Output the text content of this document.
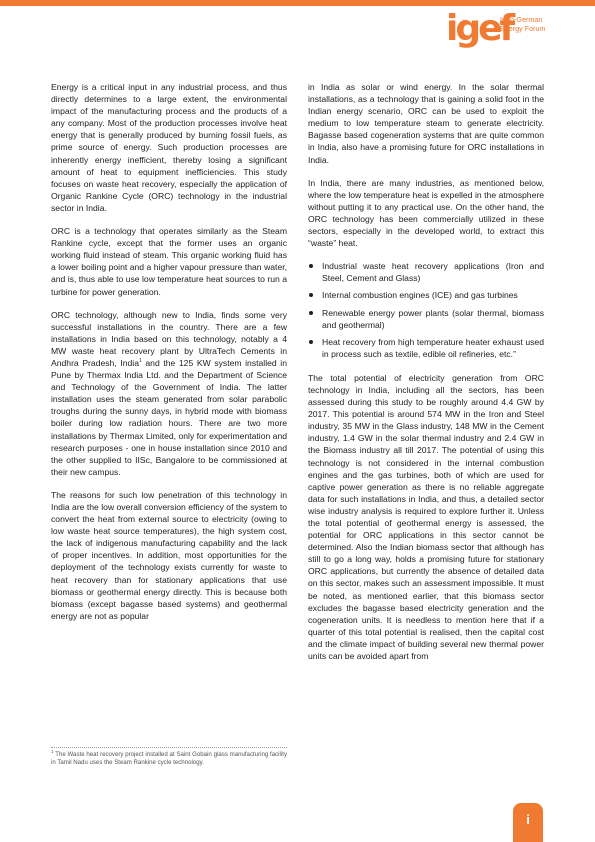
igef
Indo-German
Energy Forum

Energy is a critical input in any industrial process, and thus directly determines to a large extent, the environmental impact of the manufacturing process and the products of a any company. Most of the production processes involve heat energy that is generally produced by burning fossil fuels, as prime source of energy. Such production processes are inherently energy inefficient, thereby losing a significant amount of heat to equipment inefficiencies. This study focuses on waste heat recovery, especially the application of Organic Rankine Cycle (ORC) technology in the industrial sector in India.

ORC is a technology that operates similarly as the Steam Rankine cycle, except that the former uses an organic working fluid instead of steam. This organic working fluid has a lower boiling point and a higher vapour pressure than water, and is, thus able to use low temperature heat sources to run a turbine for power generation.

ORC technology, although new to India, finds some very successful installations in the country. There are a few installations in India based on this technology, notably a 4 MW waste heat recovery plant by UltraTech Cements in Andhra Pradesh, India$^1$ and the 125 KW system installed in Pune by Thermax India Ltd. and the Department of Science and Technology of the Government of India. The latter installation uses the steam generated from solar parabolic troughs during the sunny days, in hybrid mode with biomass boiler during low radiation hours. There are two more installations by Thermax Limited, only for experimentation and research purposes - one in house installation since 2010 and the other supplied to IISc, Bangalore to be commissioned at their new campus.

The reasons for such low penetration of this technology in India are the low overall conversion efficiency of the system to convert the heat from external source to electricity (owing to low waste heat source temperatures), the high system cost, the lack of indigenous manufacturing capability and the lack of proper incentives. In addition, most opportunities for the deployment of the technology exists currently for waste to heat recovery than for stationary applications that use biomass or geothermal energy directly. This is because both biomass (except bagasse based systems) and geothermal energy are not as popular

$^1$ The Waste heat recovery project installed at Saint Gobain glass manufacturing facility in Tamil Nadu uses the Steam Rankine cycle technology.

in India as solar or wind energy. In the solar thermal installations, as a technology that is gaining a solid foot in the Indian energy scenario, ORC can be used to exploit the medium to low temperature steam to generate electricity. Bagasse based cogeneration systems that are quite common in India, also have a promising future for ORC installations in India.

In India, there are many industries, as mentioned below, where the low temperature heat is expelled in the atmosphere without putting it to any practical use. On the other hand, the ORC technology has been commercially utilized in these sectors, especially in the developed world, to extract this “waste” heat.

Industrial waste heat recovery applications (Iron and Steel, Cement and Glass)
Internal combustion engines (ICE) and gas turbines
Renewable energy power plants (solar thermal, biomass and geothermal)
Heat recovery from high temperature heater exhaust used in process such as textile, edible oil refineries, etc.”

The total potential of electricity generation from ORC technology in India, including all the sectors, has been assessed during this study to be roughly around 4.4 GW by 2017. This potential is around 574 MW in the Iron and Steel industry, 35 MW in the Glass industry, 148 MW in the Cement industry, 1.4 GW in the solar thermal industry and 2.4 GW in the Biomass industry all till 2017. The potential of using this technology is not considered in the internal combustion engines and the gas turbines, both of which are used for captive power generation as there is no reliable aggregate data for such installations in India, and thus, a detailed sector wise industry analysis is required to explore further it. Unless the total potential of geothermal energy is assessed, the potential for ORC applications in this sector cannot be determined. Also the Indian biomass sector that although has still to go a long way, holds a promising future for stationary ORC applications, but currently the absence of detailed data on this sector, makes such an assessment impossible. It must be noted, as mentioned earlier, that this biomass sector excludes the bagasse based electricity generation and the cogeneration units. It is needless to mention here that if a quarter of this total potential is realised, then the capital cost and the climate impact of building several new thermal power units can be avoided apart from

i
